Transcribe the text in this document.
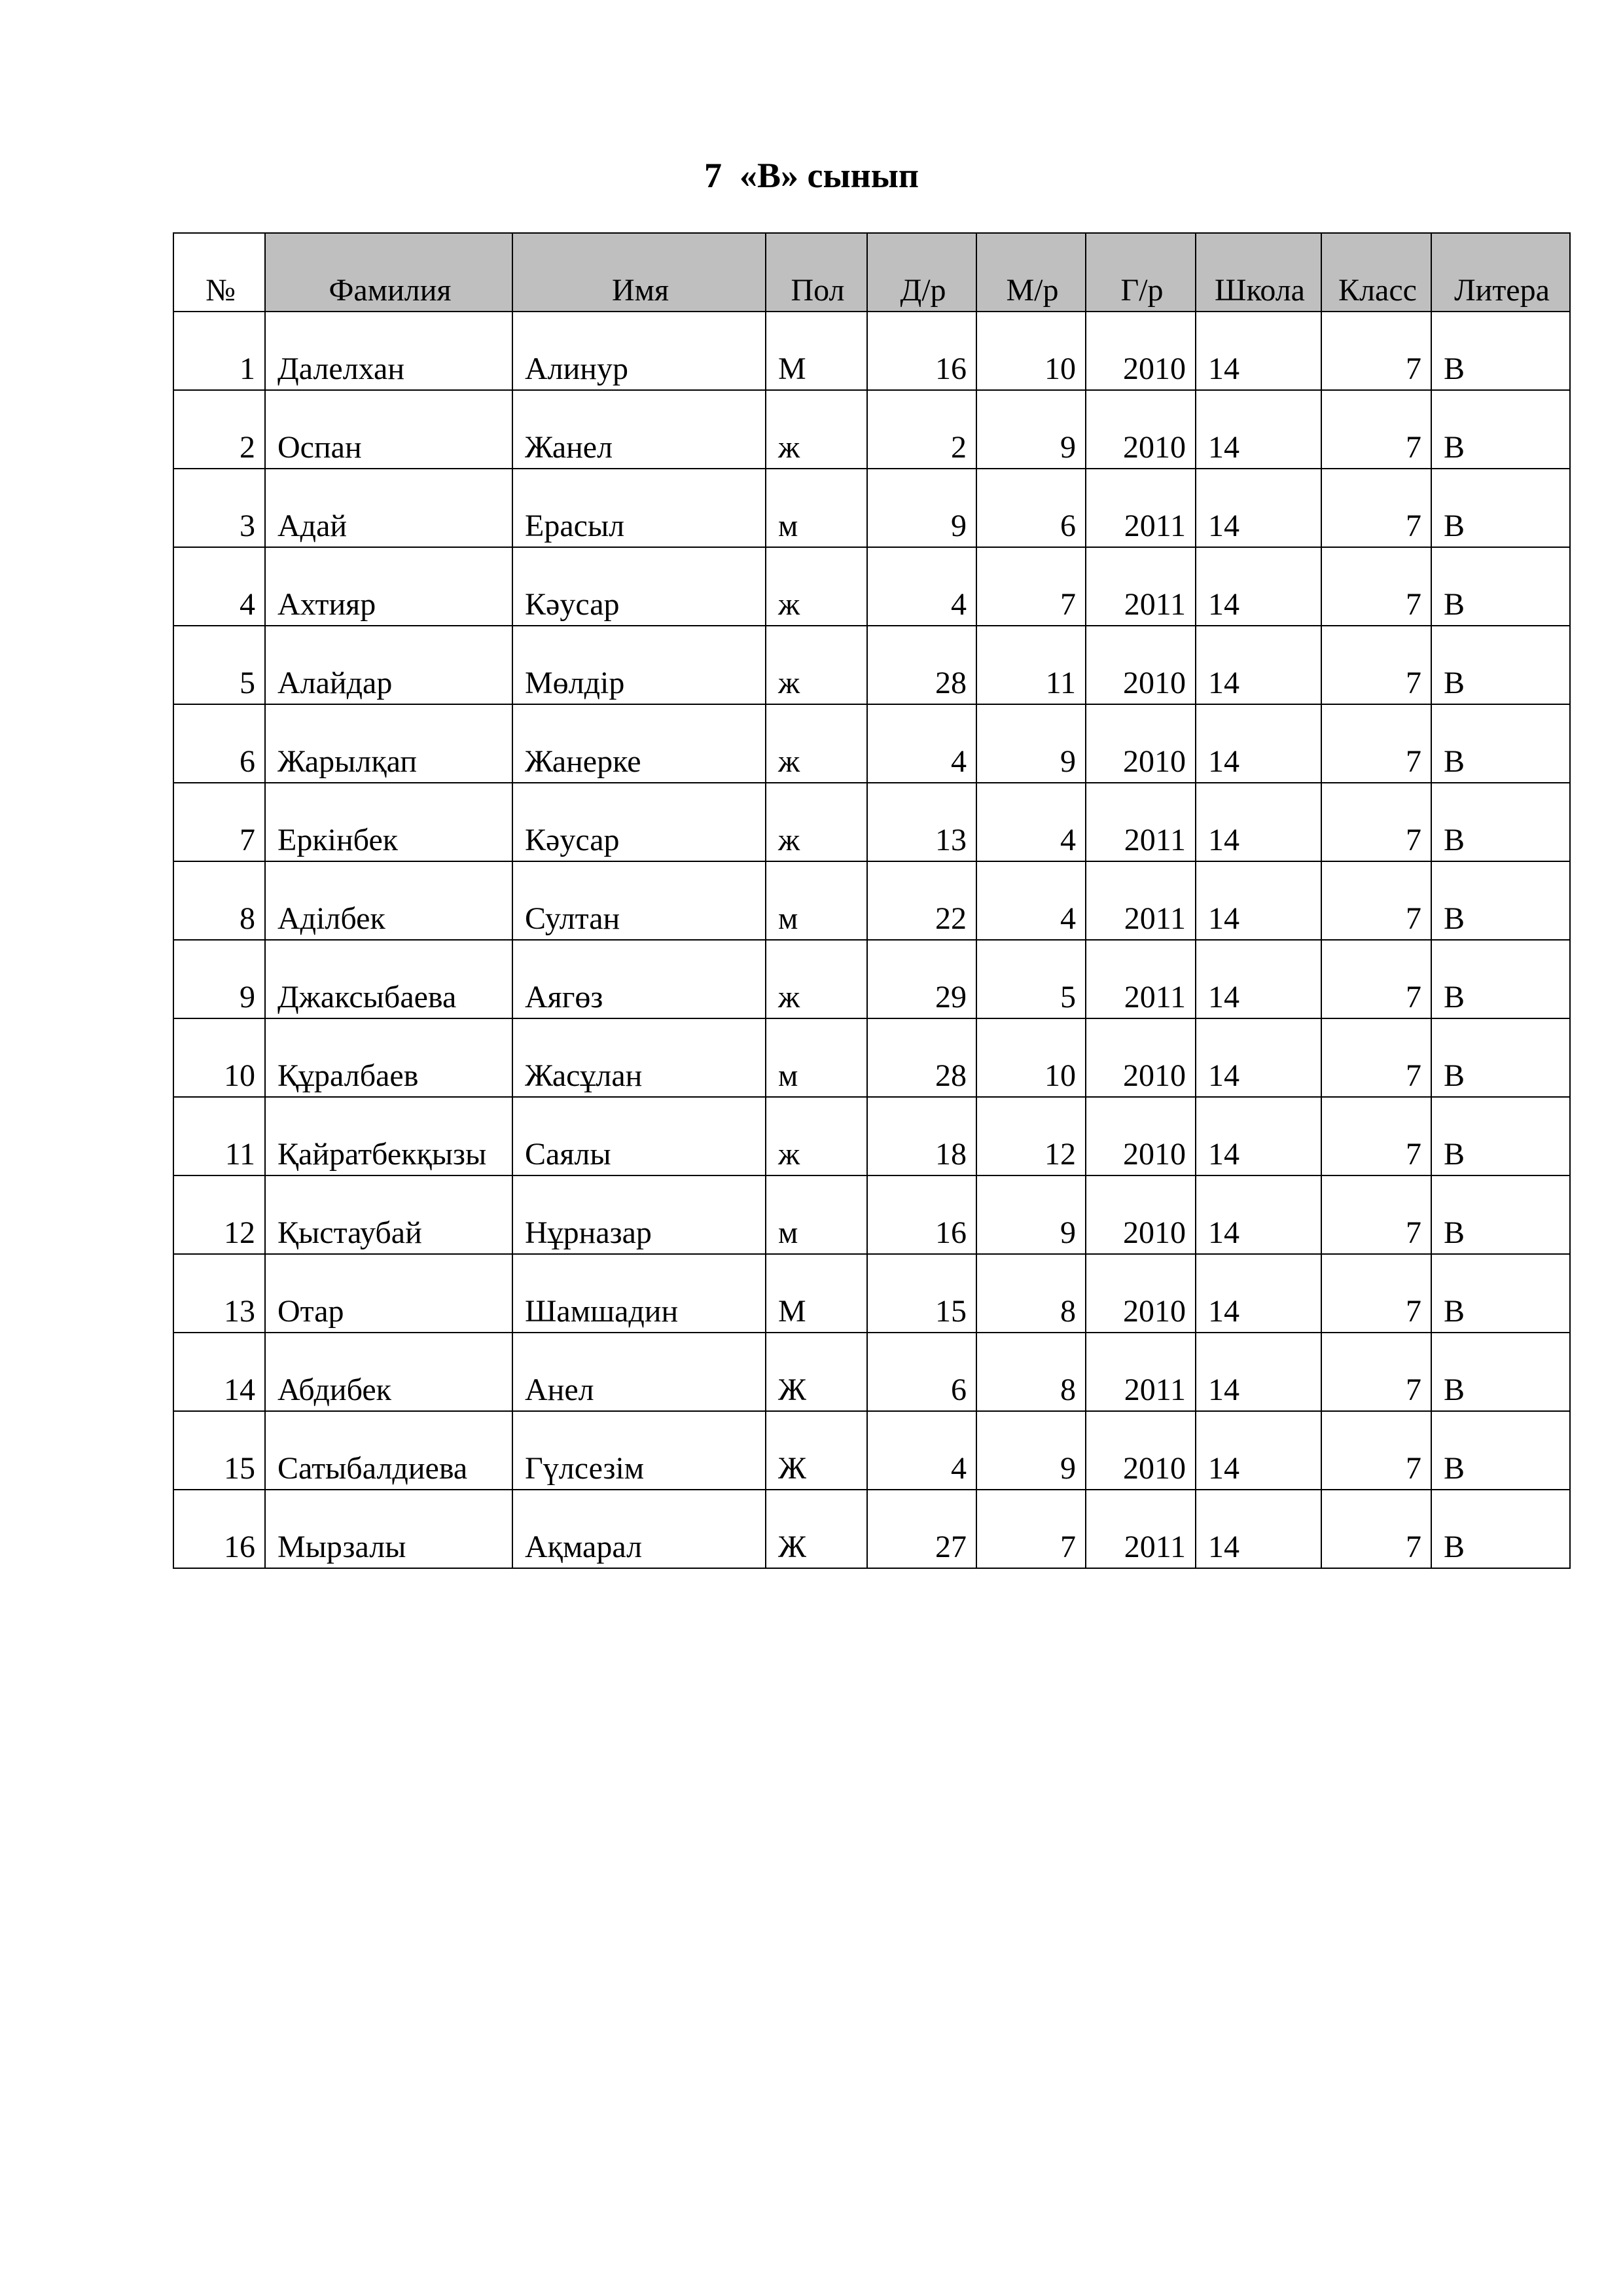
7  «В» сынып
№	Фамилия	Имя	Пол	Д/р	М/р	Г/р	Школа	Класс	Литера
1	Далелхан	Алинур	М	16	10	2010	14	7	В
2	Оспан	Жанел	ж	2	9	2010	14	7	В
3	Адай	Ерасыл	м	9	6	2011	14	7	В
4	Ахтияр	Кәусар	ж	4	7	2011	14	7	В
5	Алайдар	Мөлдір	ж	28	11	2010	14	7	В
6	Жарылқап	Жанерке	ж	4	9	2010	14	7	В
7	Еркінбек	Кәусар	ж	13	4	2011	14	7	В
8	Аділбек	Султан	м	22	4	2011	14	7	В
9	Джаксыбаева	Аягөз	ж	29	5	2011	14	7	В
10	Құралбаев	Жасұлан	м	28	10	2010	14	7	В
11	Қайратбекқызы	Саялы	ж	18	12	2010	14	7	В
12	Қыстаубай	Нұрназар	м	16	9	2010	14	7	В
13	Отар	Шамшадин	М	15	8	2010	14	7	В
14	Абдибек	Анел	Ж	6	8	2011	14	7	В
15	Сатыбалдиева	Гүлсезім	Ж	4	9	2010	14	7	В
16	Мырзалы	Ақмарал	Ж	27	7	2011	14	7	В
